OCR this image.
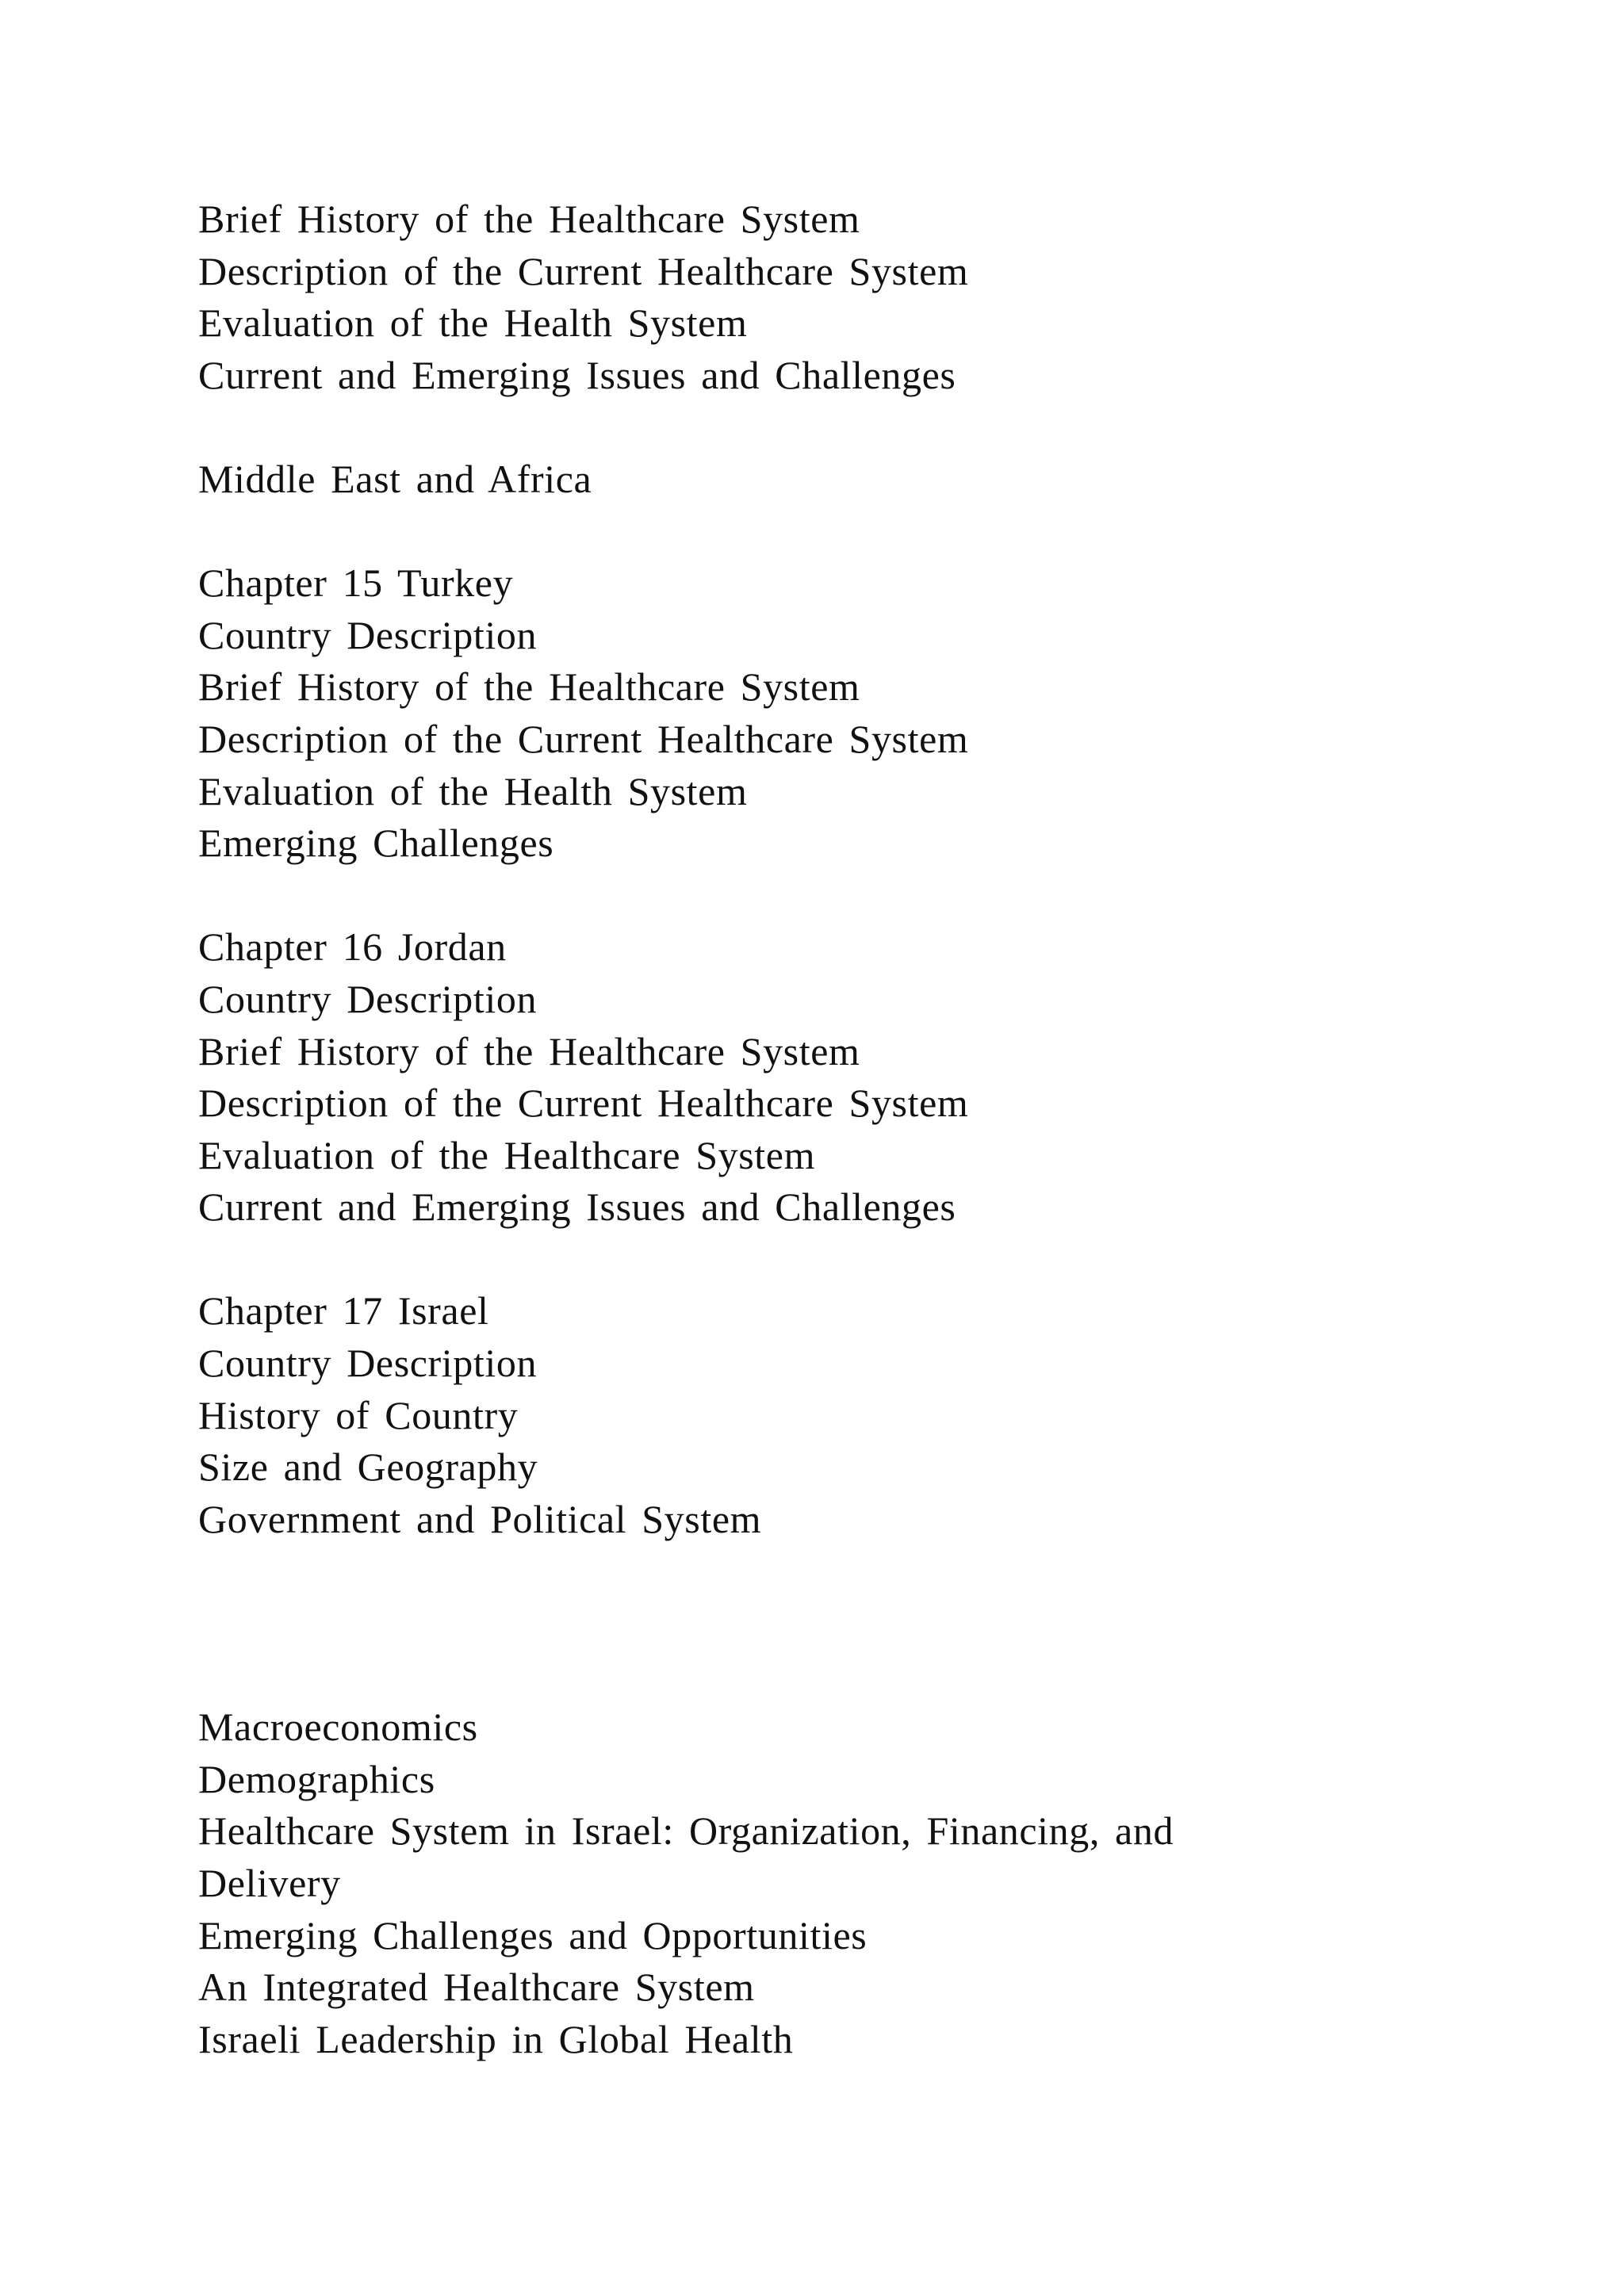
Brief History of the Healthcare System
Description of the Current Healthcare System
Evaluation of the Health System
Current and Emerging Issues and Challenges
Middle East and Africa
Chapter 15 Turkey
Country Description
Brief History of the Healthcare System
Description of the Current Healthcare System
Evaluation of the Health System
Emerging Challenges
Chapter 16 Jordan
Country Description
Brief History of the Healthcare System
Description of the Current Healthcare System
Evaluation of the Healthcare System
Current and Emerging Issues and Challenges
Chapter 17 Israel
Country Description
History of Country
Size and Geography
Government and Political System
Macroeconomics
Demographics
Healthcare System in Israel: Organization, Financing, and
Delivery
Emerging Challenges and Opportunities
An Integrated Healthcare System
Israeli Leadership in Global Health
